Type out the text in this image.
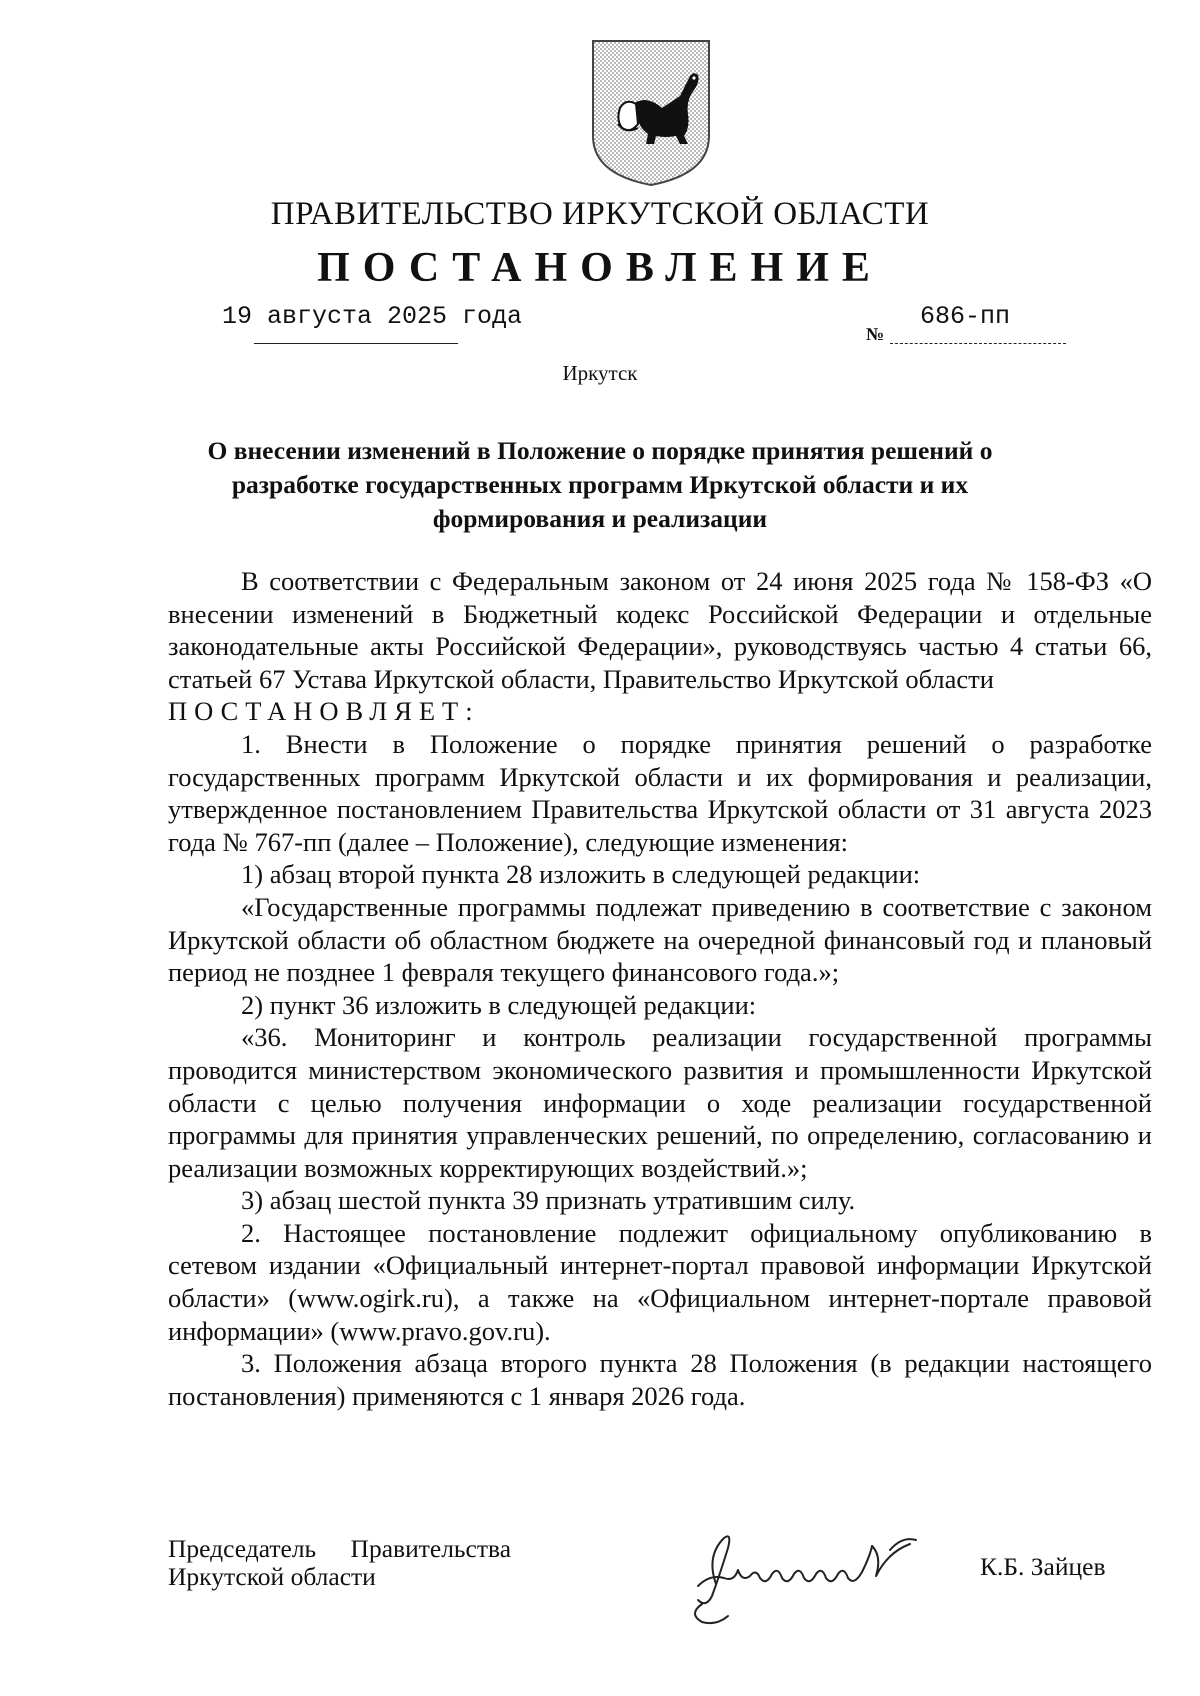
ПРАВИТЕЛЬСТВО ИРКУТСКОЙ ОБЛАСТИ
ПОСТАНОВЛЕНИЕ
19 августа 2025 года
№
686-пп
Иркутск
О внесении изменений в Положение о порядке принятия решений о
разработке государственных программ Иркутской области и их
формирования и реализации

В соответствии с Федеральным законом от 24 июня 2025 года № 158-ФЗ «О внесении изменений в Бюджетный кодекс Российской Федерации и отдельные законодательные акты Российской Федерации», руководствуясь частью 4 статьи 66, статьей 67 Устава Иркутской области, Правительство Иркутской области

ПОСТАНОВЛЯЕТ:

1. Внести в Положение о порядке принятия решений о разработке государственных программ Иркутской области и их формирования и реализации, утвержденное постановлением Правительства Иркутской области от 31 августа 2023 года № 767-пп (далее – Положение), следующие изменения:

1) абзац второй пункта 28 изложить в следующей редакции:

«Государственные программы подлежат приведению в соответствие с законом Иркутской области об областном бюджете на очередной финансовый год и плановый период не позднее 1 февраля текущего финансового года.»;

2) пункт 36 изложить в следующей редакции:

«36. Мониторинг и контроль реализации государственной программы проводится министерством экономического развития и промышленности Иркутской области с целью получения информации о ходе реализации государственной программы для принятия управленческих решений, по определению, согласованию и реализации возможных корректирующих воздействий.»;

3) абзац шестой пункта 39 признать утратившим силу.

2. Настоящее постановление подлежит официальному опубликованию в сетевом издании «Официальный интернет-портал правовой информации Иркутской области» (www.ogirk.ru), а также на «Официальном интернет-портале правовой информации» (www.pravo.gov.ru).

3. Положения абзаца второго пункта 28 Положения (в редакции настоящего постановления) применяются с 1 января 2026 года.

Председатель Правительства
Иркутской области	К.Б. Зайцев
